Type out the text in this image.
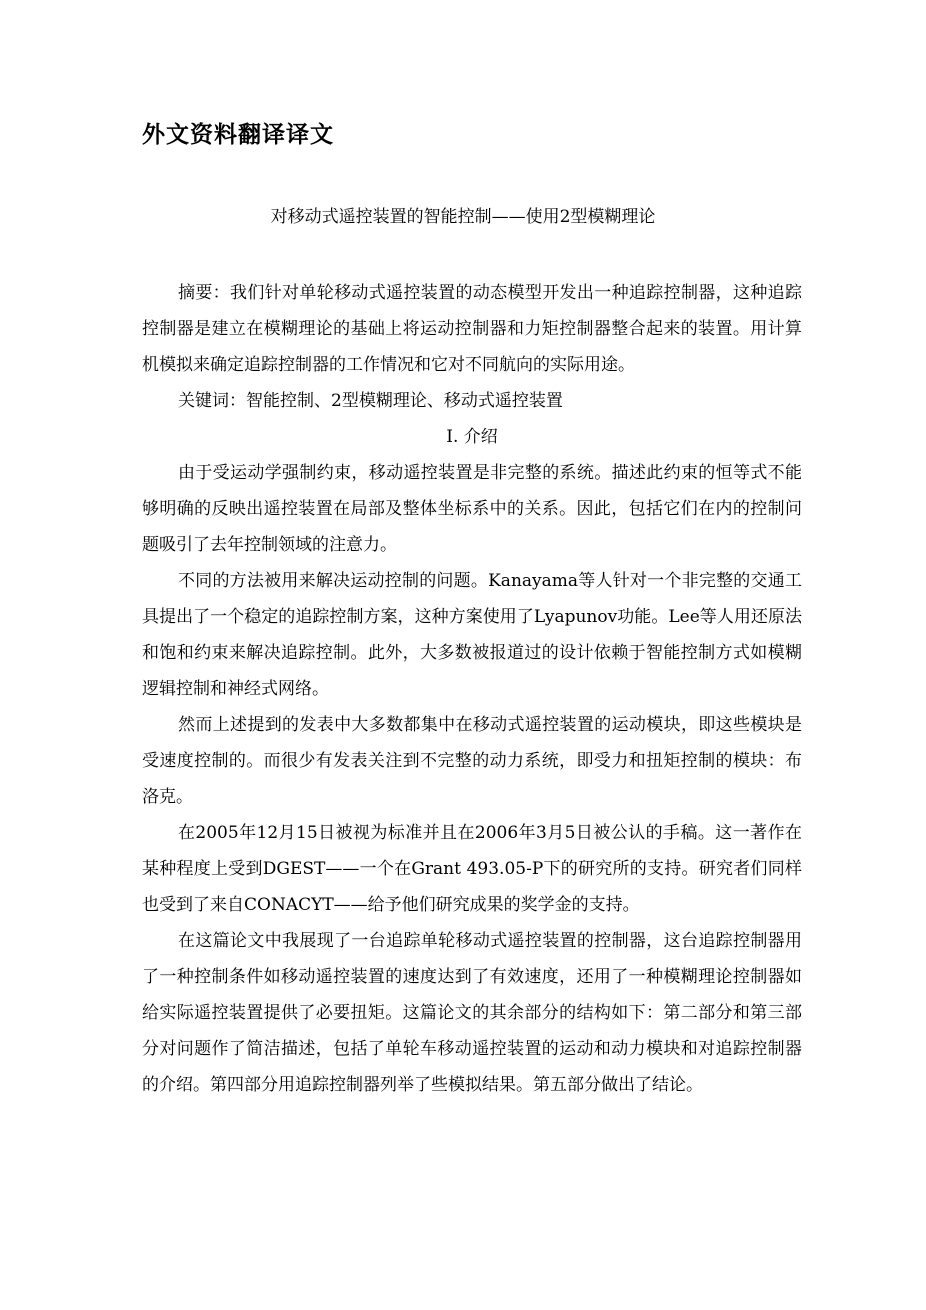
外文资料翻译译文
对移动式遥控装置的智能控制——使用2型模糊理论

摘要：我们针对单轮移动式遥控装置的动态模型开发出一种追踪控制器，这种追踪控制器是建立在模糊理论的基础上将运动控制器和力矩控制器整合起来的装置。用计算机模拟来确定追踪控制器的工作情况和它对不同航向的实际用途。

关键词：智能控制、2型模糊理论、移动式遥控装置

I. 介绍

由于受运动学强制约束，移动遥控装置是非完整的系统。描述此约束的恒等式不能够明确的反映出遥控装置在局部及整体坐标系中的关系。因此，包括它们在内的控制问题吸引了去年控制领域的注意力。

不同的方法被用来解决运动控制的问题。Kanayama等人针对一个非完整的交通工具提出了一个稳定的追踪控制方案，这种方案使用了Lyapunov功能。Lee等人用还原法和饱和约束来解决追踪控制。此外，大多数被报道过的设计依赖于智能控制方式如模糊逻辑控制和神经式网络。

然而上述提到的发表中大多数都集中在移动式遥控装置的运动模块，即这些模块是受速度控制的。而很少有发表关注到不完整的动力系统，即受力和扭矩控制的模块：布洛克。

在2005年12月15日被视为标准并且在2006年3月5日被公认的手稿。这一著作在某种程度上受到DGEST——一个在Grant 493.05-P下的研究所的支持。研究者们同样也受到了来自CONACYT——给予他们研究成果的奖学金的支持。

在这篇论文中我展现了一台追踪单轮移动式遥控装置的控制器，这台追踪控制器用了一种控制条件如移动遥控装置的速度达到了有效速度，还用了一种模糊理论控制器如给实际遥控装置提供了必要扭矩。这篇论文的其余部分的结构如下：第二部分和第三部分对问题作了简洁描述，包括了单轮车移动遥控装置的运动和动力模块和对追踪控制器的介绍。第四部分用追踪控制器列举了些模拟结果。第五部分做出了结论。
